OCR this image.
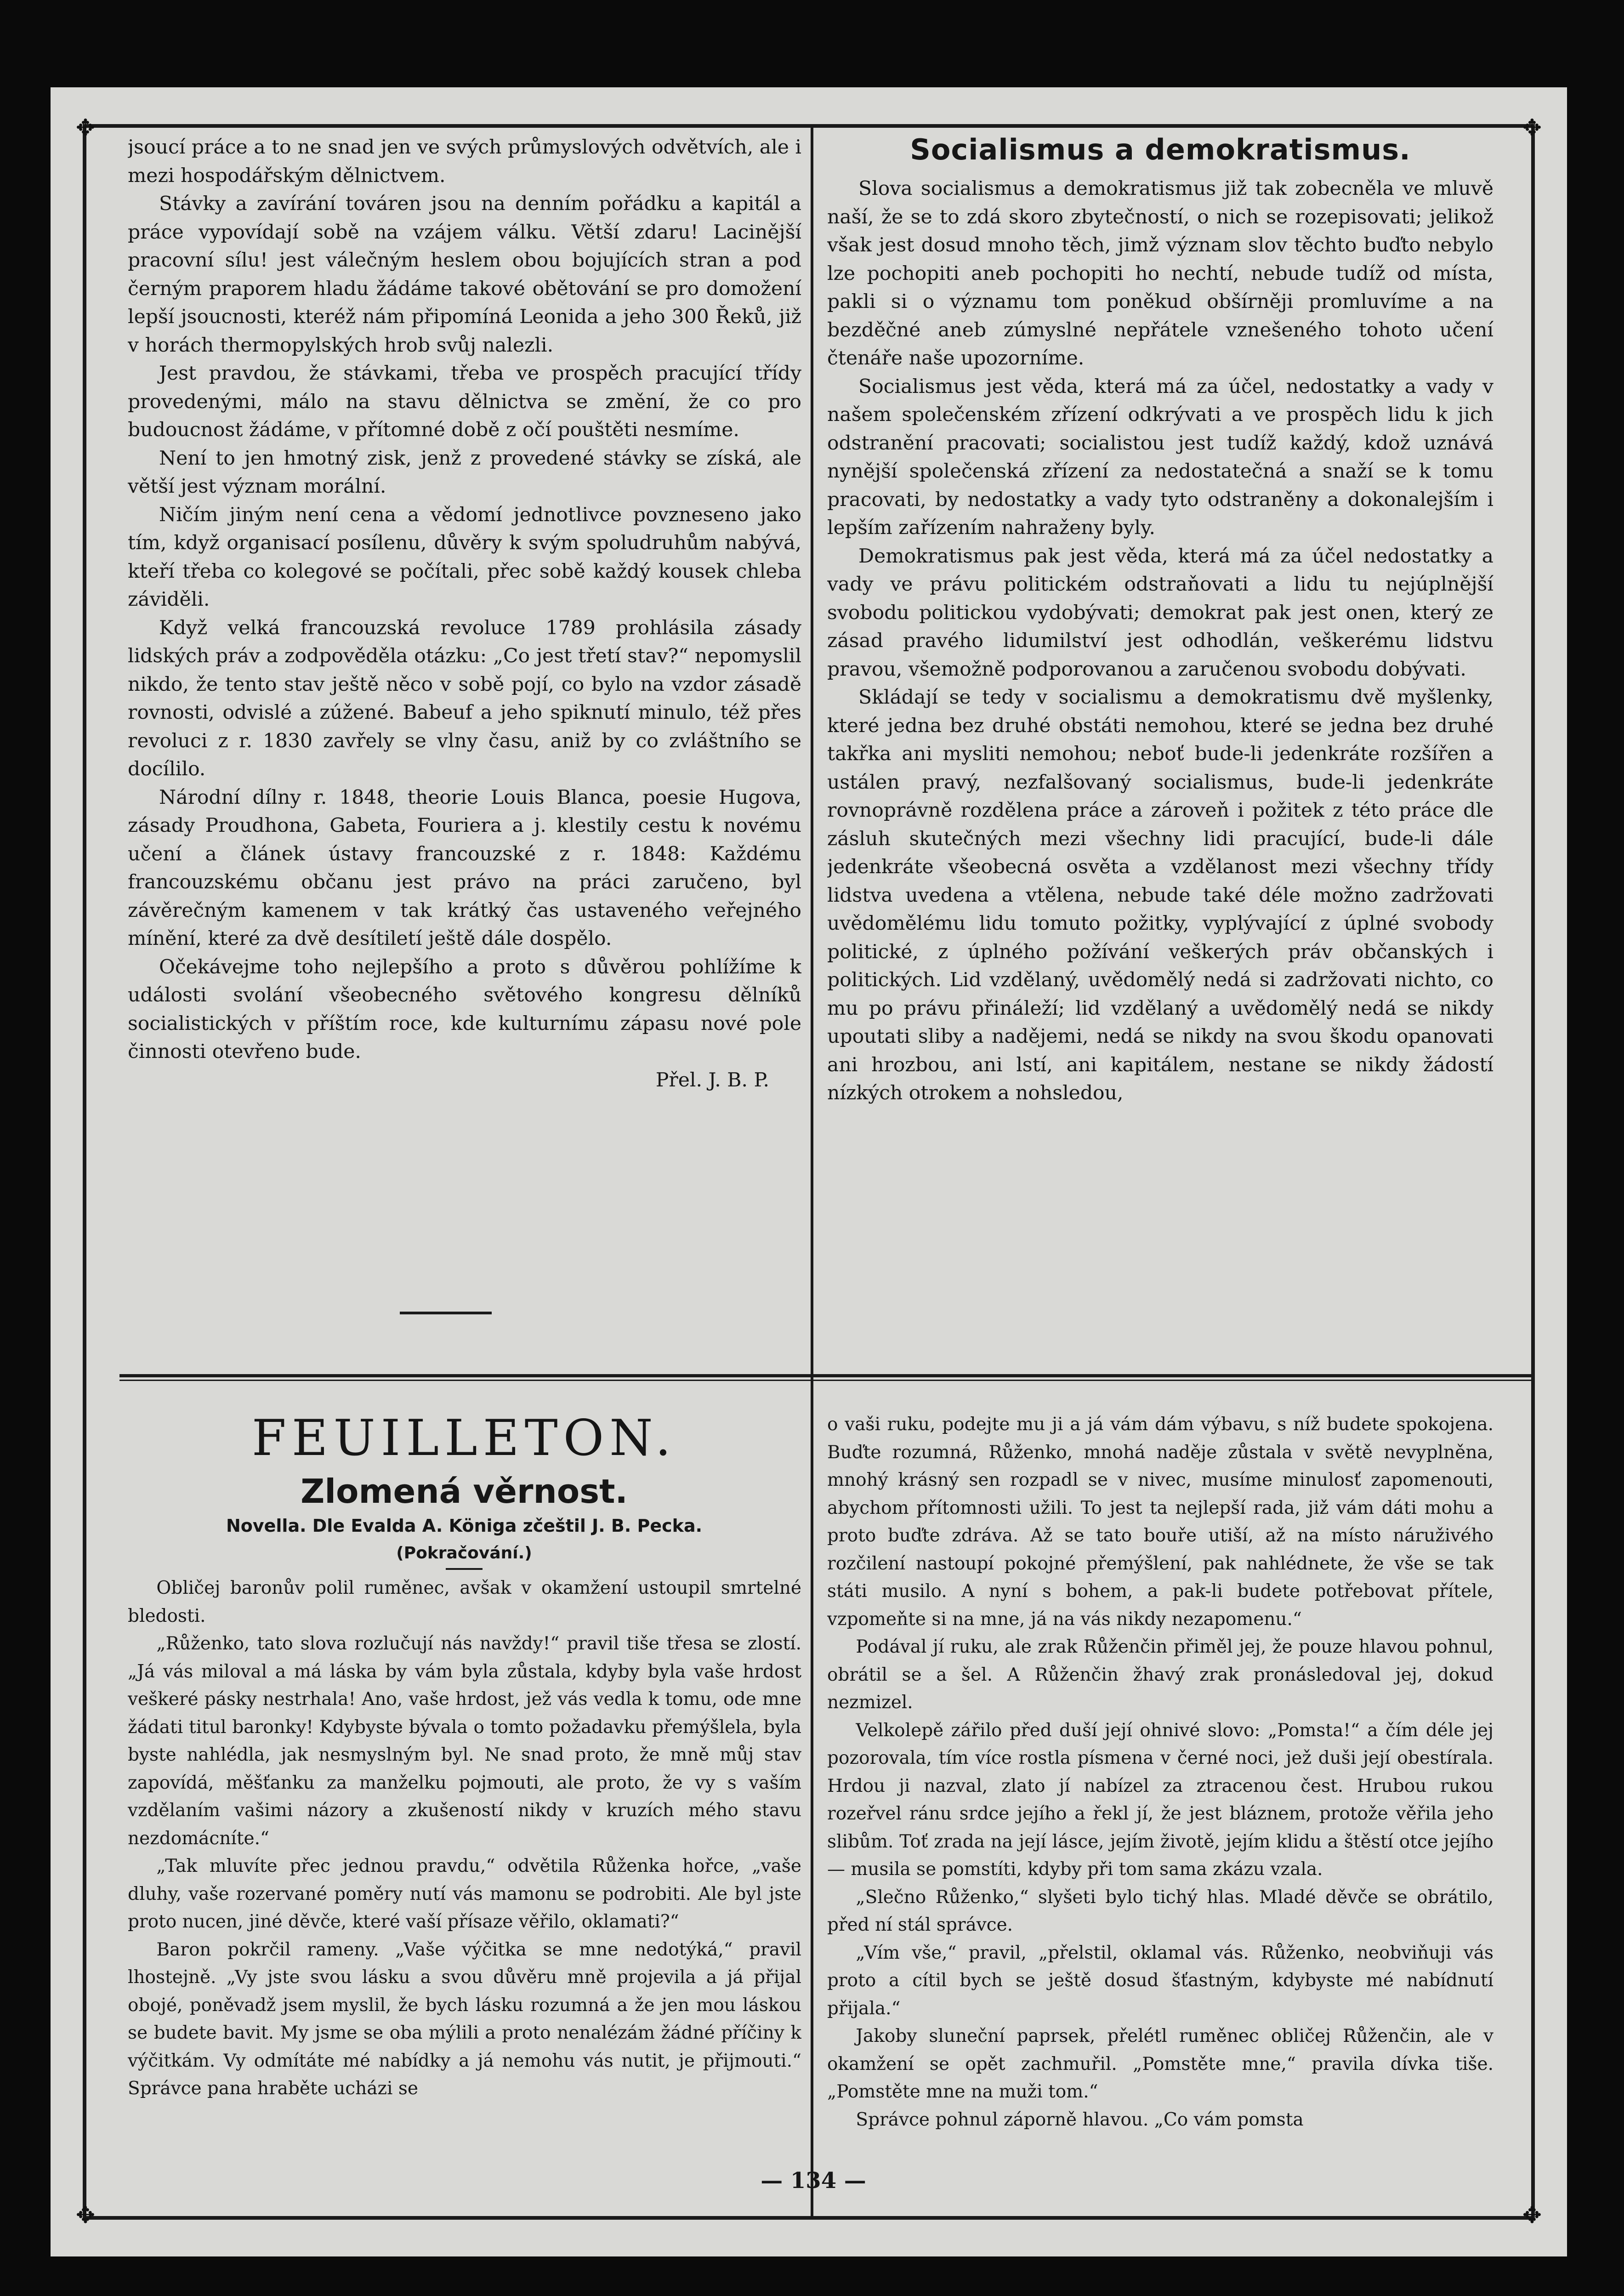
✥	✥
✥	✥

jsoucí práce a to ne snad jen ve svých průmyslových odvětvích, ale i mezi hospodářským dělnictvem.

Stávky a zavírání továren jsou na denním pořádku a kapitál a práce vypovídají sobě na vzájem válku. Větší zdaru! Lacinější pracovní sílu! jest válečným heslem obou bojujících stran a pod černým praporem hladu žádáme takové obětování se pro domožení lepší jsoucnosti, kteréž nám připomíná Leonida a jeho 300 Řeků, již v horách thermopylských hrob svůj nalezli.

Jest pravdou, že stávkami, třeba ve prospěch pracující třídy provedenými, málo na stavu dělnictva se změní, že co pro budoucnost žádáme, v přítomné době z očí pouštěti nesmíme.

Není to jen hmotný zisk, jenž z provedené stávky se získá, ale větší jest význam morální.

Ničím jiným není cena a vědomí jednotlivce povzneseno jako tím, když organisací posílenu, důvěry k svým spoludruhům nabývá, kteří třeba co kolegové se počítali, přec sobě každý kousek chleba záviděli.

Když velká francouzská revoluce 1789 prohlásila zásady lidských práv a zodpověděla otázku: „Co jest třetí stav?“ nepomyslil nikdo, že tento stav ještě něco v sobě pojí, co bylo na vzdor zásadě rovnosti, odvislé a zúžené. Babeuf a jeho spiknutí minulo, též přes revoluci z r. 1830 zavřely se vlny času, aniž by co zvláštního se docílilo.

Národní dílny r. 1848, theorie Louis Blanca, poesie Hugova, zásady Proudhona, Gabeta, Fouriera a j. klestily cestu k novému učení a článek ústavy francouzské z r. 1848: Každému francouzskému občanu jest právo na práci zaručeno, byl závěrečným kamenem v tak krátký čas ustaveného veřejného mínění, které za dvě desítiletí ještě dále dospělo.

Očekávejme toho nejlepšího a proto s důvěrou pohlížíme k události svolání všeobecného světového kongresu dělníků socialistických v příštím roce, kde kulturnímu zápasu nové pole činnosti otevřeno bude.

Přel. J. B. P.

Socialismus a demokratismus.

Slova socialismus a demokratismus již tak zobecněla ve mluvě naší, že se to zdá skoro zbytečností, o nich se rozepisovati; jelikož však jest dosud mnoho těch, jimž význam slov těchto buďto nebylo lze pochopiti aneb pochopiti ho nechtí, nebude tudíž od místa, pakli si o významu tom poněkud obšírněji promluvíme a na bezděčné aneb zúmyslné nepřátele vznešeného tohoto učení čtenáře naše upozorníme.

Socialismus jest věda, která má za účel, nedostatky a vady v našem společenském zřízení odkrývati a ve prospěch lidu k jich odstranění pracovati; socialistou jest tudíž každý, kdož uznává nynější společenská zřízení za nedostatečná a snaží se k tomu pracovati, by nedostatky a vady tyto odstraněny a dokonalejším i lepším zařízením nahraženy byly.

Demokratismus pak jest věda, která má za účel nedostatky a vady ve právu politickém odstraňovati a lidu tu nejúplnější svobodu politickou vydobývati; demokrat pak jest onen, který ze zásad pravého lidumilství jest odhodlán, veškerému lidstvu pravou, všemožně podporovanou a zaručenou svobodu dobývati.

Skládají se tedy v socialismu a demokratismu dvě myšlenky, které jedna bez druhé obstáti nemohou, které se jedna bez druhé takřka ani mysliti nemohou; neboť bude-li jedenkráte rozšířen a ustálen pravý, nezfalšovaný socialismus, bude-li jedenkráte rovnoprávně rozdělena práce a zároveň i požitek z této práce dle zásluh skutečných mezi všechny lidi pracující, bude-li dále jedenkráte všeobecná osvěta a vzdělanost mezi všechny třídy lidstva uvedena a vtělena, nebude také déle možno zadržovati uvědomělému lidu tomuto požitky, vyplývající z úplné svobody politické, z úplného požívání veškerých práv občanských i politických. Lid vzdělaný, uvědomělý nedá si zadržovati nichto, co mu po právu přináleží; lid vzdělaný a uvědomělý nedá se nikdy upoutati sliby a nadějemi, nedá se nikdy na svou škodu opanovati ani hrozbou, ani lstí, ani kapitálem, nestane se nikdy žádostí nízkých otrokem a nohsledou,

FEUILLETON.
Zlomená věrnost.
Novella. Dle Evalda A. Königa zčeštil J. B. Pecka.
(Pokračování.)

Obličej baronův polil ruměnec, avšak v okamžení ustoupil smrtelné bledosti.

„Růženko, tato slova rozlučují nás navždy!“ pravil tiše třesa se zlostí. „Já vás miloval a má láska by vám byla zůstala, kdyby byla vaše hrdost veškeré pásky nestrhala! Ano, vaše hrdost, jež vás vedla k tomu, ode mne žádati titul baronky! Kdybyste bývala o tomto požadavku přemýšlela, byla byste nahlédla, jak nesmyslným byl. Ne snad proto, že mně můj stav zapovídá, měšťanku za manželku pojmouti, ale proto, že vy s vaším vzdělaním vašimi názory a zkušeností nikdy v kruzích mého stavu nezdomácníte.“

„Tak mluvíte přec jednou pravdu,“ odvětila Růženka hořce, „vaše dluhy, vaše rozervané poměry nutí vás mamonu se podrobiti. Ale byl jste proto nucen, jiné děvče, které vaší přísaze věřilo, oklamati?“

Baron pokrčil rameny. „Vaše výčitka se mne nedotýká,“ pravil lhostejně. „Vy jste svou lásku a svou důvěru mně projevila a já přijal obojé, poněvadž jsem myslil, že bych lásku rozumná a že jen mou láskou se budete bavit. My jsme se oba mýlili a proto nenalézám žádné příčiny k výčitkám. Vy odmítáte mé nabídky a já nemohu vás nutit, je přijmouti.“ Správce pana hraběte ucházi se

o vaši ruku, podejte mu ji a já vám dám výbavu, s níž budete spokojena. Buďte rozumná, Růženko, mnohá naděje zůstala v světě nevyplněna, mnohý krásný sen rozpadl se v nivec, musíme minulosť zapomenouti, abychom přítomnosti užili. To jest ta nejlepší rada, již vám dáti mohu a proto buďte zdráva. Až se tato bouře utiší, až na místo náruživého rozčilení nastoupí pokojné přemýšlení, pak nahlédnete, že vše se tak státi musilo. A nyní s bohem, a pak-li budete potřebovat přítele, vzpomeňte si na mne, já na vás nikdy nezapomenu.“

Podával jí ruku, ale zrak Růženčin přiměl jej, že pouze hlavou pohnul, obrátil se a šel. A Růženčin žhavý zrak pronásledoval jej, dokud nezmizel.

Velkolepě zářilo před duší její ohnivé slovo: „Pomsta!“ a čím déle jej pozorovala, tím více rostla písmena v černé noci, jež duši její obestírala. Hrdou ji nazval, zlato jí nabízel za ztracenou čest. Hrubou rukou rozeřvel ránu srdce jejího a řekl jí, že jest bláznem, protože věřila jeho slibům. Toť zrada na její lásce, jejím životě, jejím klidu a štěstí otce jejího — musila se pomstíti, kdyby při tom sama zkázu vzala.

„Slečno Růženko,“ slyšeti bylo tichý hlas. Mladé děvče se obrátilo, před ní stál správce.

„Vím vše,“ pravil, „přelstil, oklamal vás. Růženko, neobviňuji vás proto a cítil bych se ještě dosud šťastným, kdybyste mé nabídnutí přijala.“

Jakoby sluneční paprsek, přelétl ruměnec obličej Růženčin, ale v okamžení se opět zachmuřil. „Pomstěte mne,“ pravila dívka tiše. „Pomstěte mne na muži tom.“

Správce pohnul záporně hlavou. „Co vám pomsta

— 134 —
